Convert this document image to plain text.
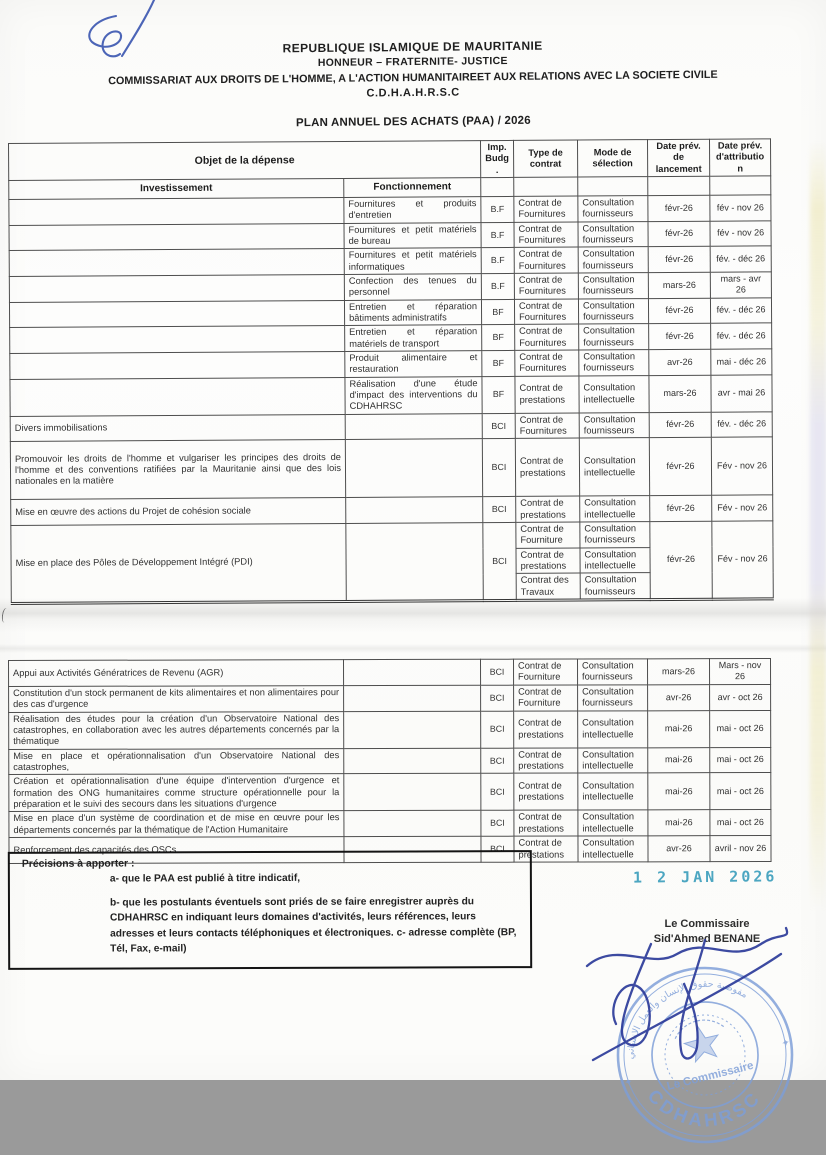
REPUBLIQUE ISLAMIQUE DE MAURITANIE
HONNEUR – FRATERNITE- JUSTICE
COMMISSARIAT AUX DROITS DE L'HOMME, A L'ACTION HUMANITAIREET AUX RELATIONS AVEC LA SOCIETE CIVILE
C.D.H.A.H.R.S.C
PLAN ANNUEL DES ACHATS (PAA) / 2026
Objet de la dépense		Imp. Budg.	Type de contrat	Mode de sélection	Date prév. de lancement	Date prév. d'attribution
Investissement	Fonctionnement					
	Fournitures et produits d'entretien	B.F	Contrat de Fournitures	Consultation fournisseurs	févr-26	fév - nov 26
	Fournitures et petit matériels de bureau	B.F	Contrat de Fournitures	Consultation fournisseurs	févr-26	fév - nov 26
	Fournitures et petit matériels informatiques	B.F	Contrat de Fournitures	Consultation fournisseurs	févr-26	fév. - déc 26
	Confection des tenues du personnel	B.F	Contrat de Fournitures	Consultation fournisseurs	mars-26	mars - avr 26
	Entretien et réparation bâtiments administratifs	BF	Contrat de Fournitures	Consultation fournisseurs	févr-26	fév. - déc 26
	Entretien et réparation matériels de transport	BF	Contrat de Fournitures	Consultation fournisseurs	févr-26	fév. - déc 26
	Produit alimentaire et restauration	BF	Contrat de Fournitures	Consultation fournisseurs	avr-26	mai - déc 26
	Réalisation d'une étude d'impact des interventions du CDHAHRSC	BF	Contrat de prestations	Consultation intellectuelle	mars-26	avr - mai 26
Divers immobilisations		BCI	Contrat de Fournitures	Consultation fournisseurs	févr-26	fév. - déc 26
Promouvoir les droits de l'homme et vulgariser les principes des droits de l'homme et des conventions ratifiées par la Mauritanie ainsi que des lois nationales en la matière		BCI	Contrat de prestations	Consultation intellectuelle	févr-26	Fév - nov 26
Mise en œuvre des actions du Projet de cohésion sociale		BCI	Contrat de prestations	Consultation intellectuelle	févr-26	Fév - nov 26
Mise en place des Pôles de Développement Intégré (PDI)		BCI	Contrat de Fourniture	Consultation fournisseurs	févr-26	Fév - nov 26
			Contrat de prestations	Consultation intellectuelle		
			Contrat des Travaux	Consultation fournisseurs		
Appui aux Activités Génératrices de Revenu (AGR)		BCI	Contrat de Fourniture	Consultation fournisseurs	mars-26	Mars - nov 26
Constitution d'un stock permanent de kits alimentaires et non alimentaires pour des cas d'urgence		BCI	Contrat de Fourniture	Consultation fournisseurs	avr-26	avr - oct 26
Réalisation des études pour la création d'un Observatoire National des catastrophes, en collaboration avec les autres départements concernés par la thématique		BCI	Contrat de prestations	Consultation intellectuelle	mai-26	mai - oct 26
Mise en place et opérationnalisation d'un Observatoire National des catastrophes,		BCI	Contrat de prestations	Consultation intellectuelle	mai-26	mai - oct 26
Création et opérationnalisation d'une équipe d'intervention d'urgence et formation des ONG humanitaires comme structure opérationnelle pour la préparation et le suivi des secours dans les situations d'urgence		BCI	Contrat de prestations	Consultation intellectuelle	mai-26	mai - oct 26
Mise en place d'un système de coordination et de mise en œuvre pour les départements concernés par la thématique de l'Action Humanitaire		BCI	Contrat de prestations	Consultation intellectuelle	mai-26	mai - oct 26
Renforcement des capacités des OSCs		BCI	Contrat de prestations	Consultation intellectuelle	avr-26	avril - nov 26
Précisions à apporter :
a- que le PAA est publié à titre indicatif,
b- que les postulants éventuels sont priés de se faire enregistrer auprès du CDHAHRSC en indiquant leurs domaines d'activités, leurs références, leurs adresses et leurs contacts téléphoniques et électroniques. c- adresse complète (BP, Tél, Fax, e-mail)
1 2 JAN 2026
Le Commissaire
Sid'Ahmed BENANE
مفوضية حقوق الإنسان والعمل الإنساني
CDHAHRSC
Le Commissaire
✦
✦
